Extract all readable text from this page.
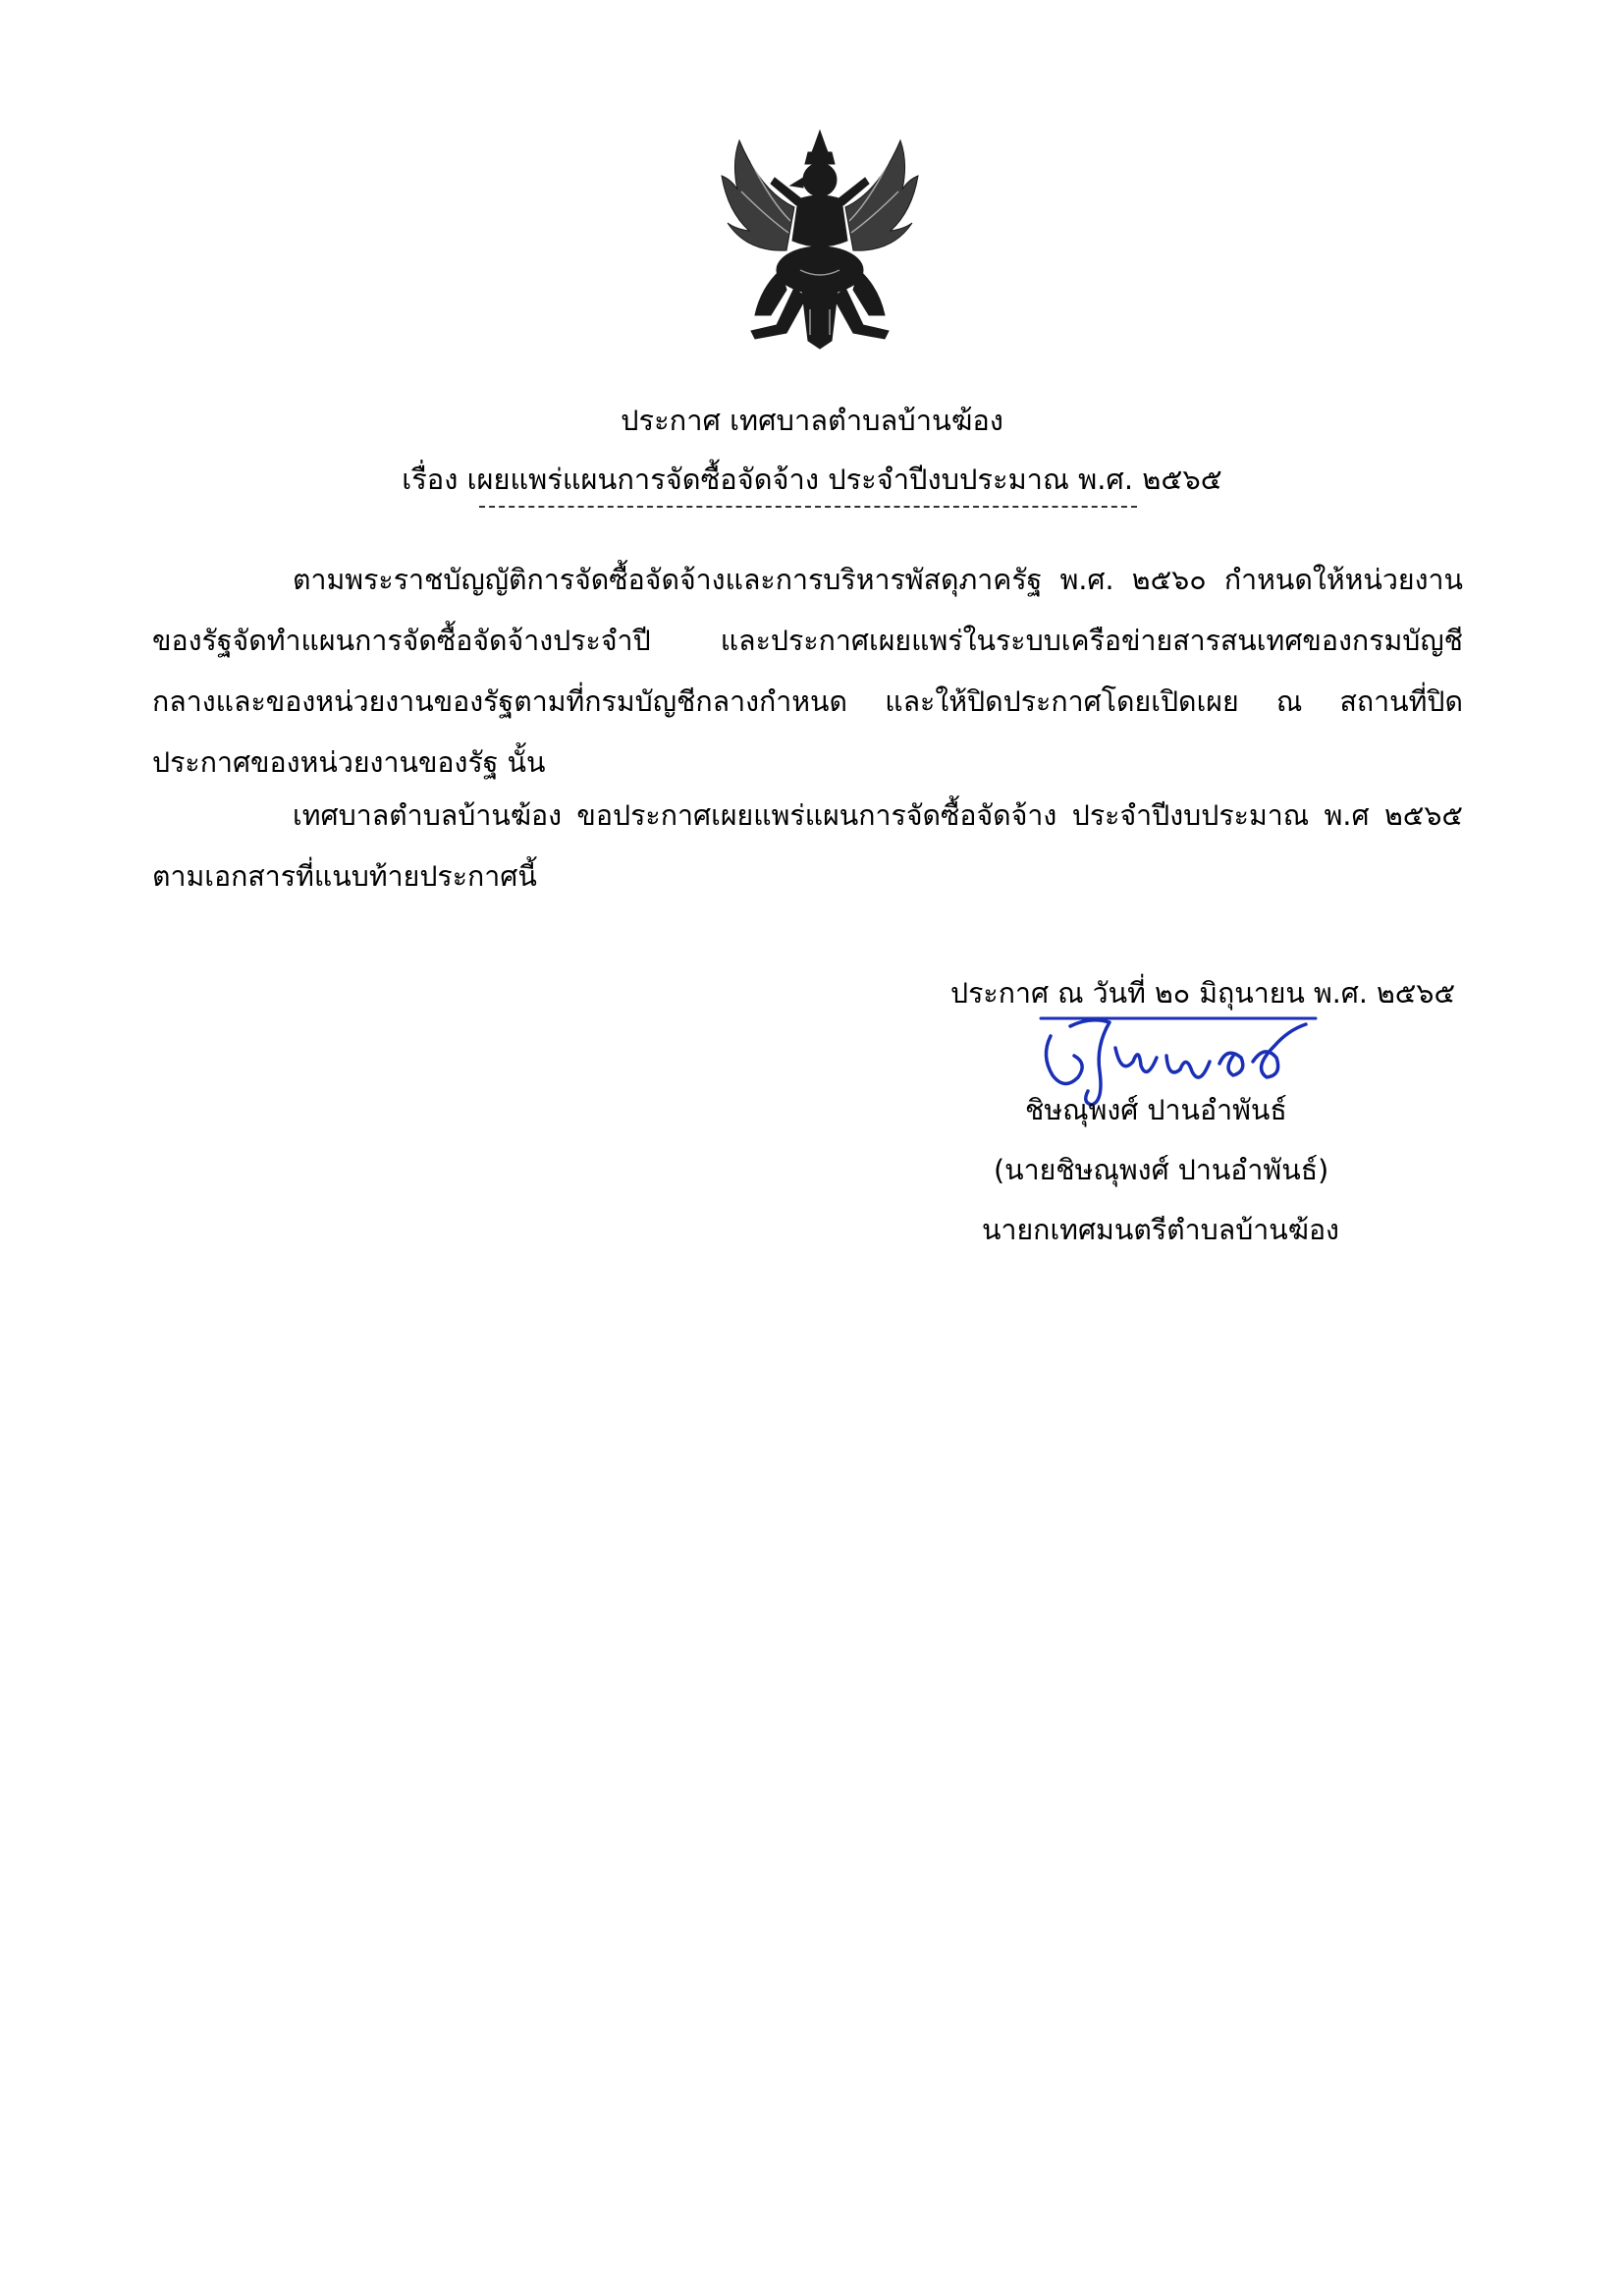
ประกาศ เทศบาลตำบลบ้านฆ้อง
เรื่อง เผยแพร่แผนการจัดซื้อจัดจ้าง ประจำปีงบประมาณ พ.ศ. ๒๕๖๕
ตามพระราชบัญญัติการจัดซื้อจัดจ้างและการบริหารพัสดุภาครัฐ พ.ศ. ๒๕๖๐ กำหนดให้หน่วยงานของรัฐจัดทำแผนการจัดซื้อจัดจ้างประจำปี และประกาศเผยแพร่ในระบบเครือข่ายสารสนเทศของกรมบัญชีกลางและของหน่วยงานของรัฐตามที่กรมบัญชีกลางกำหนด และให้ปิดประกาศโดยเปิดเผย ณ สถานที่ปิดประกาศของหน่วยงานของรัฐ นั้น
เทศบาลตำบลบ้านฆ้อง ขอประกาศเผยแพร่แผนการจัดซื้อจัดจ้าง ประจำปีงบประมาณ พ.ศ ๒๕๖๕ ตามเอกสารที่แนบท้ายประกาศนี้
ประกาศ ณ วันที่ ๒๐ มิถุนายน พ.ศ. ๒๕๖๕
ชิษณุพงศ์ ปานอำพันธ์
(นายชิษณุพงศ์ ปานอำพันธ์)
นายกเทศมนตรีตำบลบ้านฆ้อง
